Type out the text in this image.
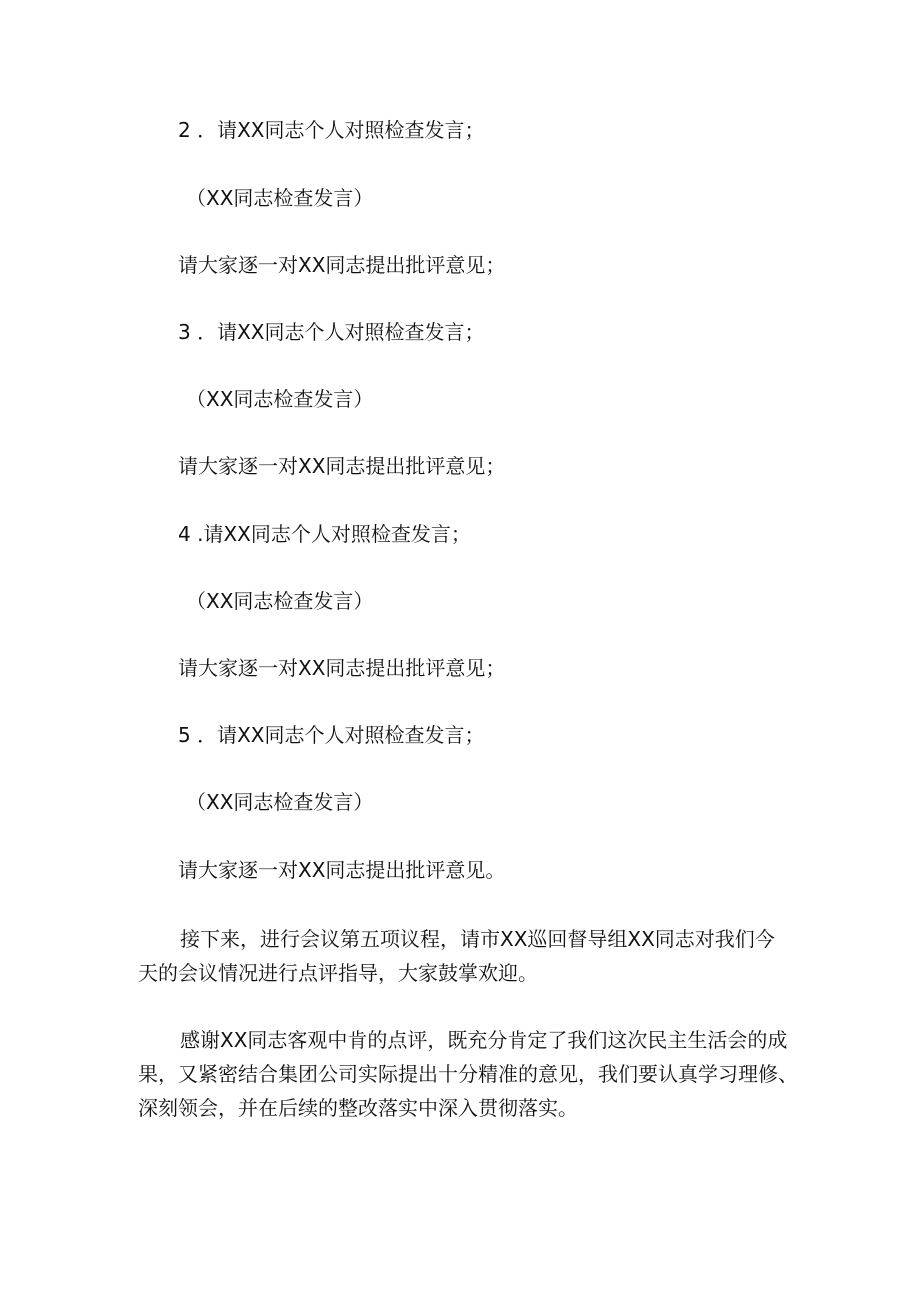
2 ．请XX同志个人对照检查发言；
（XX同志检查发言）
请大家逐一对XX同志提出批评意见；
3 ．请XX同志个人对照检查发言；
（XX同志检查发言）
请大家逐一对XX同志提出批评意见；
4 .请XX同志个人对照检查发言；
（XX同志检查发言）
请大家逐一对XX同志提出批评意见；
5 ．请XX同志个人对照检查发言；
（XX同志检查发言）
请大家逐一对XX同志提出批评意见。
接下来，进行会议第五项议程，请市XX巡回督导组XX同志对我们今
天的会议情况进行点评指导，大家鼓掌欢迎。
感谢XX同志客观中肯的点评，既充分肯定了我们这次民主生活会的成
果，又紧密结合集团公司实际提出十分精准的意见，我们要认真学习理修、
深刻领会，并在后续的整改落实中深入贯彻落实。
